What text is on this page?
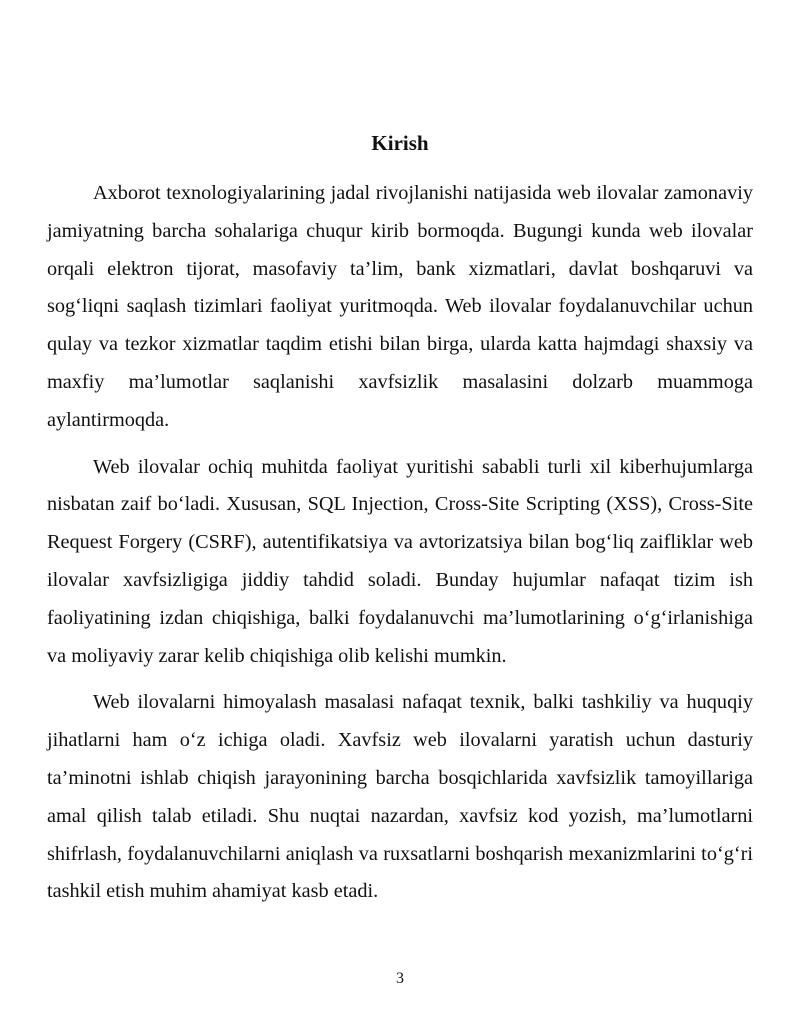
Kirish

Axborot texnologiyalarining jadal rivojlanishi natijasida web ilovalar zamonaviy jamiyatning barcha sohalariga chuqur kirib bormoqda. Bugungi kunda web ilovalar orqali elektron tijorat, masofaviy ta’lim, bank xizmatlari, davlat boshqaruvi va sog‘liqni saqlash tizimlari faoliyat yuritmoqda. Web ilovalar foydalanuvchilar uchun qulay va tezkor xizmatlar taqdim etishi bilan birga, ularda katta hajmdagi shaxsiy va maxfiy ma’lumotlar saqlanishi xavfsizlik masalasini dolzarb muammoga aylantirmoqda.

Web ilovalar ochiq muhitda faoliyat yuritishi sababli turli xil kiberhujumlarga nisbatan zaif bo‘ladi. Xususan, SQL Injection, Cross-Site Scripting (XSS), Cross-Site Request Forgery (CSRF), autentifikatsiya va avtorizatsiya bilan bog‘liq zaifliklar web ilovalar xavfsizligiga jiddiy tahdid soladi. Bunday hujumlar nafaqat tizim ish faoliyatining izdan chiqishiga, balki foydalanuvchi ma’lumotlarining o‘g‘irlanishiga va moliyaviy zarar kelib chiqishiga olib kelishi mumkin.

Web ilovalarni himoyalash masalasi nafaqat texnik, balki tashkiliy va huquqiy jihatlarni ham o‘z ichiga oladi. Xavfsiz web ilovalarni yaratish uchun dasturiy ta’minotni ishlab chiqish jarayonining barcha bosqichlarida xavfsizlik tamoyillariga amal qilish talab etiladi. Shu nuqtai nazardan, xavfsiz kod yozish, ma’lumotlarni shifrlash, foydalanuvchilarni aniqlash va ruxsatlarni boshqarish mexanizmlarini to‘g‘ri tashkil etish muhim ahamiyat kasb etadi.

3
